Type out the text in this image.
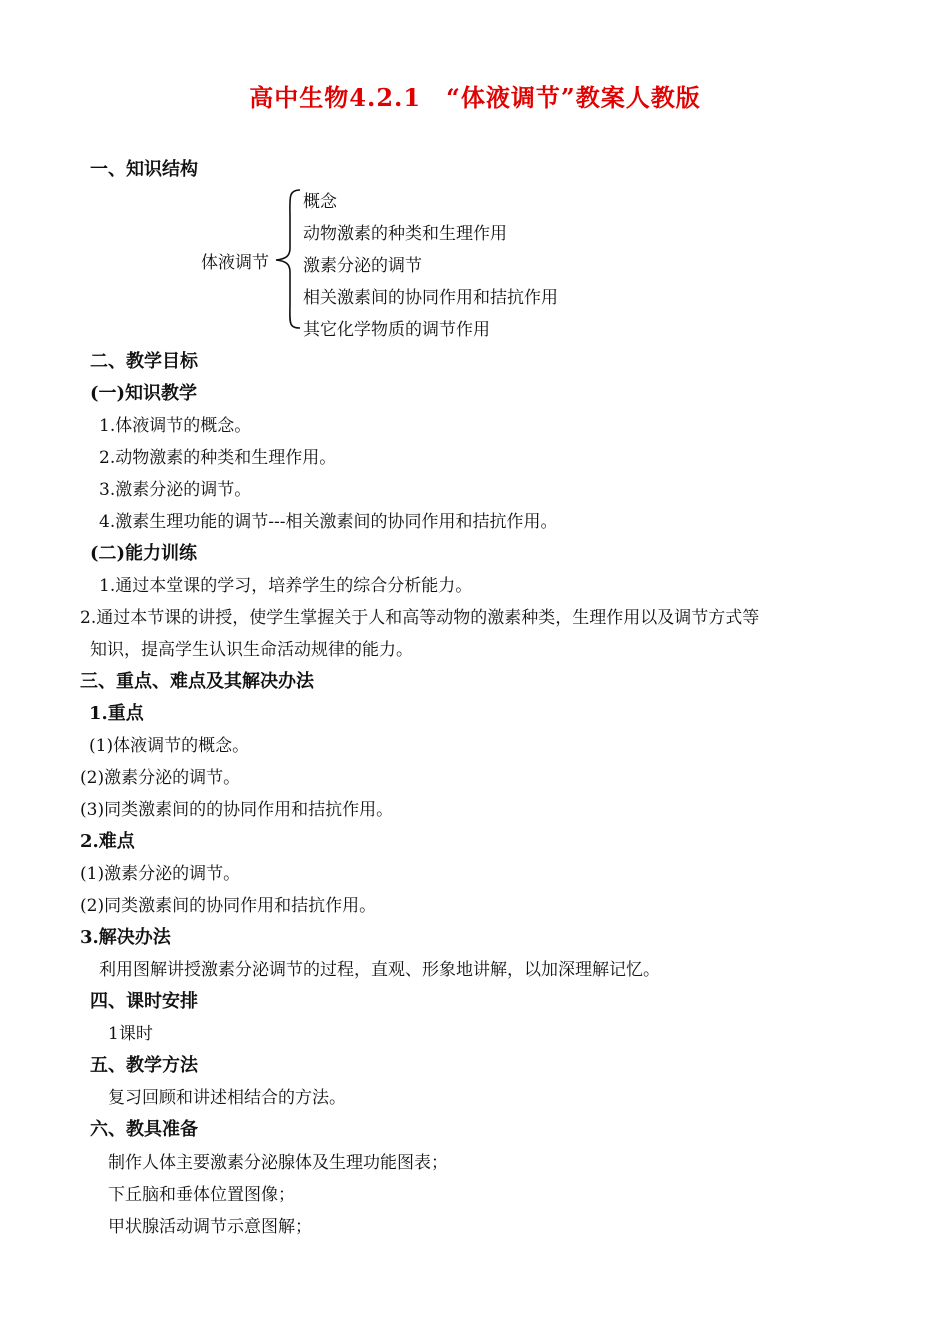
高中生物4.2.1　“体液调节”教案人教版
一、知识结构
体液调节
概念
动物激素的种类和生理作用
激素分泌的调节
相关激素间的协同作用和拮抗作用
其它化学物质的调节作用
二、教学目标
(一)知识教学
1.体液调节的概念。
2.动物激素的种类和生理作用。
3.激素分泌的调节。
4.激素生理功能的调节---相关激素间的协同作用和拮抗作用。
(二)能力训练
1.通过本堂课的学习，培养学生的综合分析能力。
2.通过本节课的讲授，使学生掌握关于人和高等动物的激素种类，生理作用以及调节方式等
知识，提高学生认识生命活动规律的能力。
三、重点、难点及其解决办法
1.重点
(1)体液调节的概念。
(2)激素分泌的调节。
(3)同类激素间的的协同作用和拮抗作用。
2.难点
(1)激素分泌的调节。
(2)同类激素间的协同作用和拮抗作用。
3.解决办法
利用图解讲授激素分泌调节的过程，直观、形象地讲解，以加深理解记忆。
四、课时安排
1课时
五、教学方法
复习回顾和讲述相结合的方法。
六、教具准备
制作人体主要激素分泌腺体及生理功能图表；
下丘脑和垂体位置图像；
甲状腺活动调节示意图解；
